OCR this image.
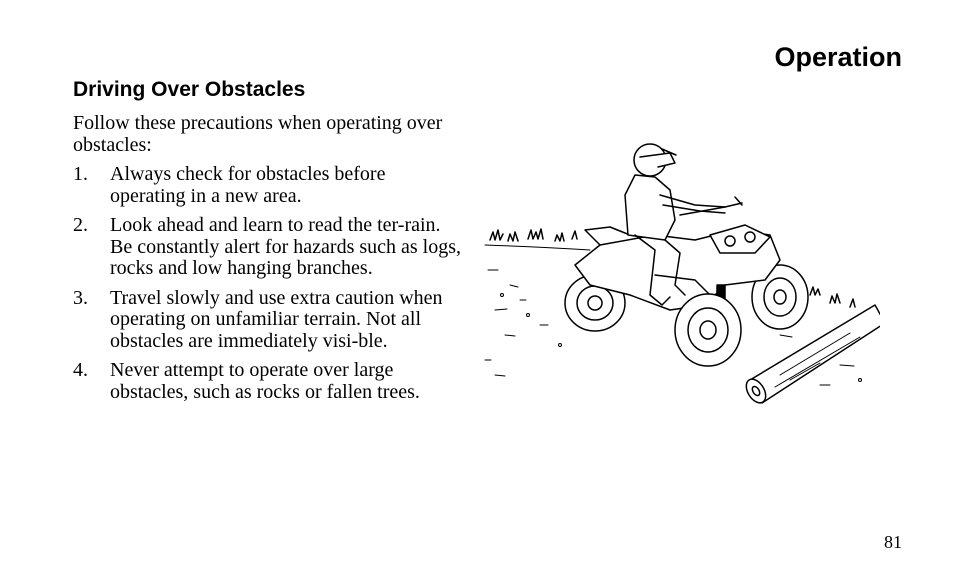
Operation
Driving Over Obstacles

Follow these precautions when operating over obstacles:

1. Always check for obstacles before operating in a new area.
2. Look ahead and learn to read the ter-rain. Be constantly alert for hazards such as logs, rocks and low hanging branches.
3. Travel slowly and use extra caution when operating on unfamiliar terrain. Not all obstacles are immediately visi-ble.
4. Never attempt to operate over large obstacles, such as rocks or fallen trees.
81
